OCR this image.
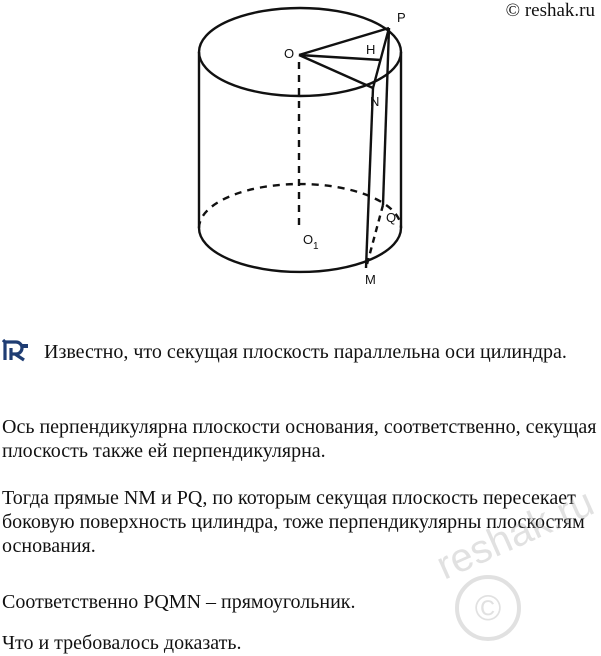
© reshak.ru
P
O	H
N
Q
O 1
M

Известно, что секущая плоскость параллельна оси цилиндра.

Ось перпендикулярна плоскости основания, соответственно, секущая плоскость также ей перпендикулярна.

Тогда прямые NM и PQ, по которым секущая плоскость пересекает боковую поверхность цилиндра, тоже перпендикулярны плоскостям основания.

Соответственно PQMN – прямоугольник.

Что и требовалось доказать.

reshak.ru
©
